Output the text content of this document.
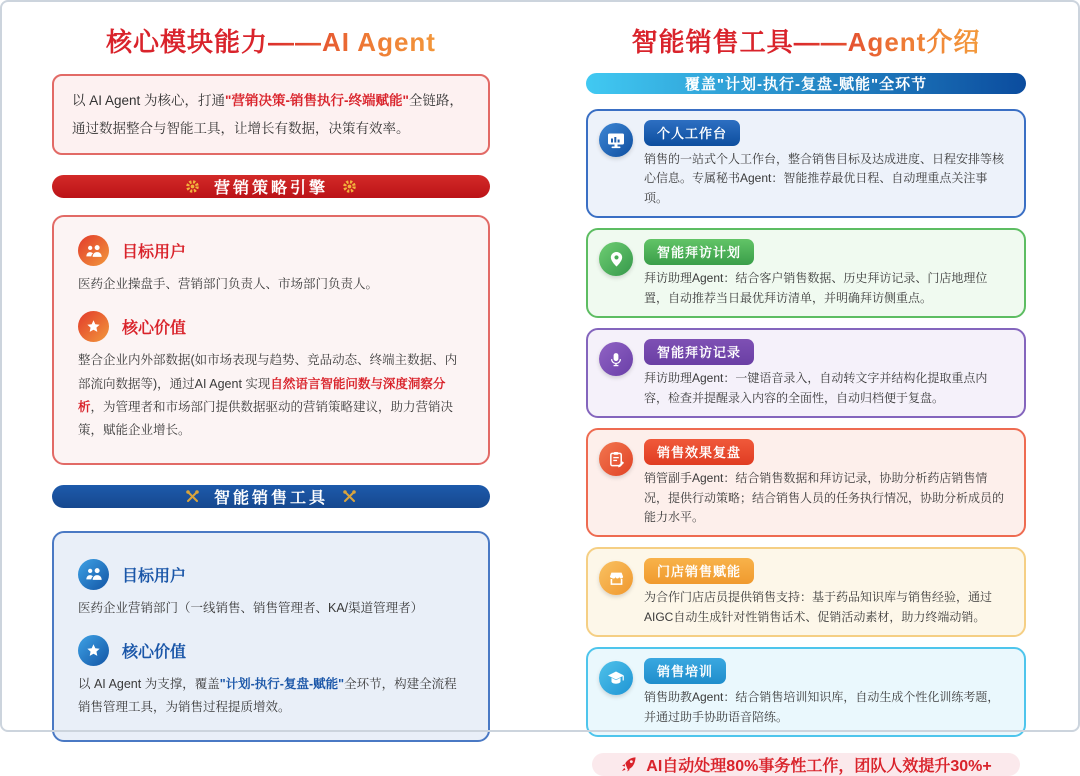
核心模块能力——AI Agent
以 AI Agent 为核心，打通"营销决策-销售执行-终端赋能"全链路，通过数据整合与智能工具，让增长有数据，决策有效率。
营销策略引擎
目标用户
医药企业操盘手、营销部门负责人、市场部门负责人。
核心价值
整合企业内外部数据(如市场表现与趋势、竞品动态、终端主数据、内部流向数据等)，通过AI Agent 实现自然语言智能问数与深度洞察分析，为管理者和市场部门提供数据驱动的营销策略建议，助力营销决策，赋能企业增长。
智能销售工具
目标用户
医药企业营销部门（一线销售、销售管理者、KA/渠道管理者）
核心价值
以 AI Agent 为支撑，覆盖"计划-执行-复盘-赋能"全环节，构建全流程销售管理工具，为销售过程提质增效。
智能销售工具——Agent介绍
覆盖"计划-执行-复盘-赋能"全环节
个人工作台
销售的一站式个人工作台，整合销售目标及达成进度、日程安排等核心信息。专属秘书Agent：智能推荐最优日程、自动理重点关注事项。
智能拜访计划
拜访助理Agent：结合客户销售数据、历史拜访记录、门店地理位置，自动推荐当日最优拜访清单，并明确拜访侧重点。
智能拜访记录
拜访助理Agent：一键语音录入，自动转文字并结构化提取重点内容，检查并提醒录入内容的全面性，自动归档便于复盘。
销售效果复盘
销管副手Agent：结合销售数据和拜访记录，协助分析药店销售情况，提供行动策略；结合销售人员的任务执行情况，协助分析成员的能力水平。
门店销售赋能
为合作门店店员提供销售支持：基于药品知识库与销售经验，通过AIGC自动生成针对性销售话术、促销活动素材，助力终端动销。
销售培训
销售助教Agent：结合销售培训知识库，自动生成个性化训练考题，并通过助手协助语音陪练。
AI自动处理80%事务性工作，团队人效提升30%+
